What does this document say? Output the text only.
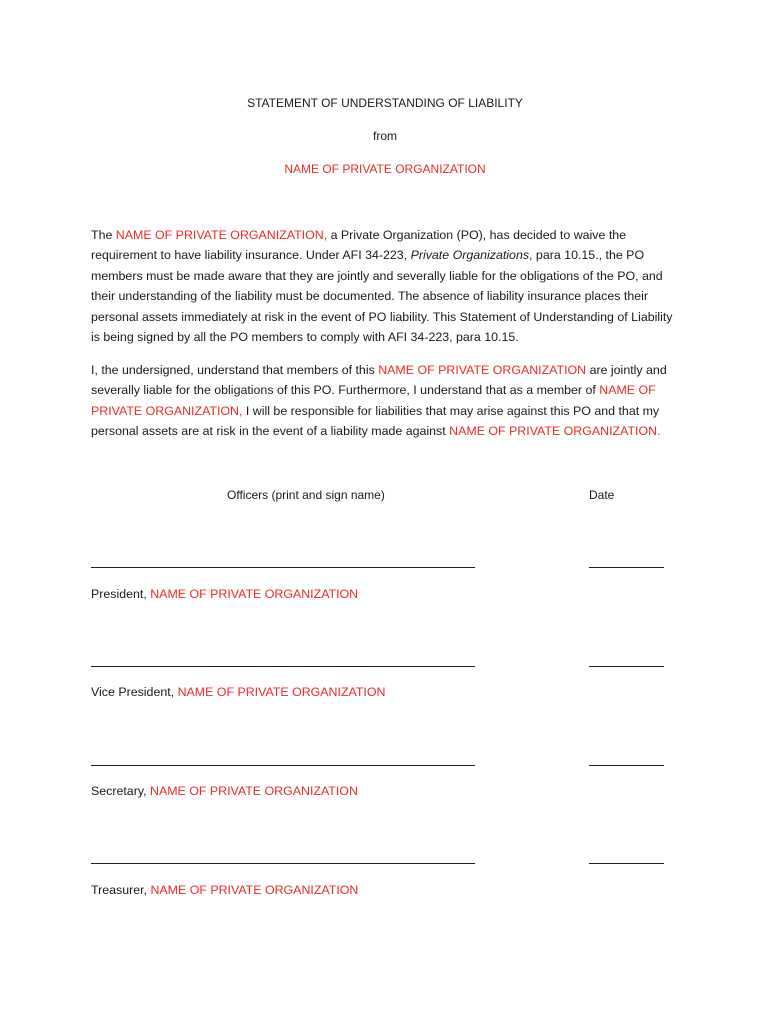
STATEMENT OF UNDERSTANDING OF LIABILITY
from
NAME OF PRIVATE ORGANIZATION
The NAME OF PRIVATE ORGANIZATION, a Private Organization (PO), has decided to waive the requirement to have liability insurance. Under AFI 34-223, Private Organizations, para 10.15., the PO members must be made aware that they are jointly and severally liable for the obligations of the PO, and their understanding of the liability must be documented. The absence of liability insurance places their personal assets immediately at risk in the event of PO liability. This Statement of Understanding of Liability is being signed by all the PO members to comply with AFI 34-223, para 10.15.
I, the undersigned, understand that members of this NAME OF PRIVATE ORGANIZATION are jointly and severally liable for the obligations of this PO. Furthermore, I understand that as a member of NAME OF PRIVATE ORGANIZATION, I will be responsible for liabilities that may arise against this PO and that my personal assets are at risk in the event of a liability made against NAME OF PRIVATE ORGANIZATION.
Officers (print and sign name)	Date
President, NAME OF PRIVATE ORGANIZATION
Vice President, NAME OF PRIVATE ORGANIZATION
Secretary, NAME OF PRIVATE ORGANIZATION
Treasurer, NAME OF PRIVATE ORGANIZATION
